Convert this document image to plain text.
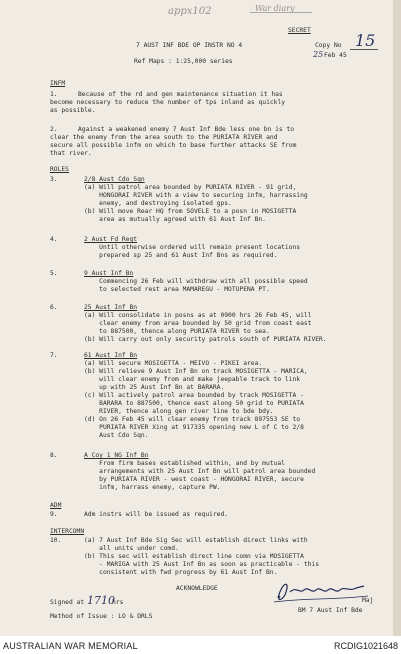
appx102	War diary
SECRET
7 AUST INF BDE OP INSTR NO 4	Copy No 15
25 Feb 45
Ref Maps : 1:25,000 series
INFM
1.	Because of the rd and gen maintenance situation it has
become necessary to reduce the number of tps inland as quickly
as possible.
2.	Against a weakened enemy 7 Aust Inf Bde less one bn is to
clear the enemy from the area south to the PURIATA RIVER and
secure all possible infm on which to base further attacks SE from
that river.
ROLES
3.	2/8 Aust Cdo Sqn
(a) Will patrol area bounded by PURIATA RIVER - 91 grid,
HONGORAI RIVER with a view to securing infm, harrassing
enemy, and destroying isolated gps.
(b) Will move Rear HQ from SOVELE to a posn in MOSIGETTA
area as mutually agreed with 61 Aust Inf Bn.
4.	2 Aust Fd Regt
Until otherwise ordered will remain present locations
prepared sp 25 and 61 Aust Inf Bns as required.
5.	9 Aust Inf Bn
Commencing 26 Feb will withdraw with all possible speed
to selected rest area MAMAREGU - MOTUPENA PT.
6.	25 Aust Inf Bn
(a) Will consolidate in posns as at 0900 hrs 26 Feb 45, will
clear enemy from area bounded by 50 grid from coast east
to 887500, thence along PURIATA RIVER to sea.
(b) Will carry out only security patrols south of PURIATA RIVER.
7.	61 Aust Inf Bn
(a) Will secure MOSIGETTA - MEIVO - PIKEI area.
(b) Will relieve 9 Aust Inf Bn on track MOSIGETTA - MARICA,
will clear enemy from and make jeepable track to link
up with 25 Aust Inf Bn at BARARA.
(c) Will actively patrol area bounded by track MOSIGETTA -
BARARA to 887500, thence east along 50 grid to PURIATA
RIVER, thence along gen river line to bde bdy.
(d) On 26 Feb 45 will clear enemy from track 897553 SE to
PURIATA RIVER Xing at 917335 opening new L of C to 2/8
Aust Cdo Sqn.
8.	A Coy 1 NG Inf Bn
From firm bases established within, and by mutual
arrangements with 25 Aust Inf Bn will patrol area bounded
by PURIATA RIVER - west coast - HONGORAI RIVER, secure
infm, harrass enemy, capture PW.
ADM
9.	Adm instrs will be issued as required.
INTERCOMN
10.	(a) 7 Aust Inf Bde Sig Sec will establish direct links with
all units under comd.
(b) This sec will establish direct line comn via MOSIGETTA
- MARIGA with 25 Aust Inf Bn as soon as practicable - this
consistent with fwd progress by 61 Aust Inf Bn.
ACKNOWLEDGE
Signed at 1710
hrs
Method of Issue : LO & DRLS
Maj
BM 7 Aust Inf Bde
AUSTRALIAN WAR MEMORIAL	RCDIG1021648
